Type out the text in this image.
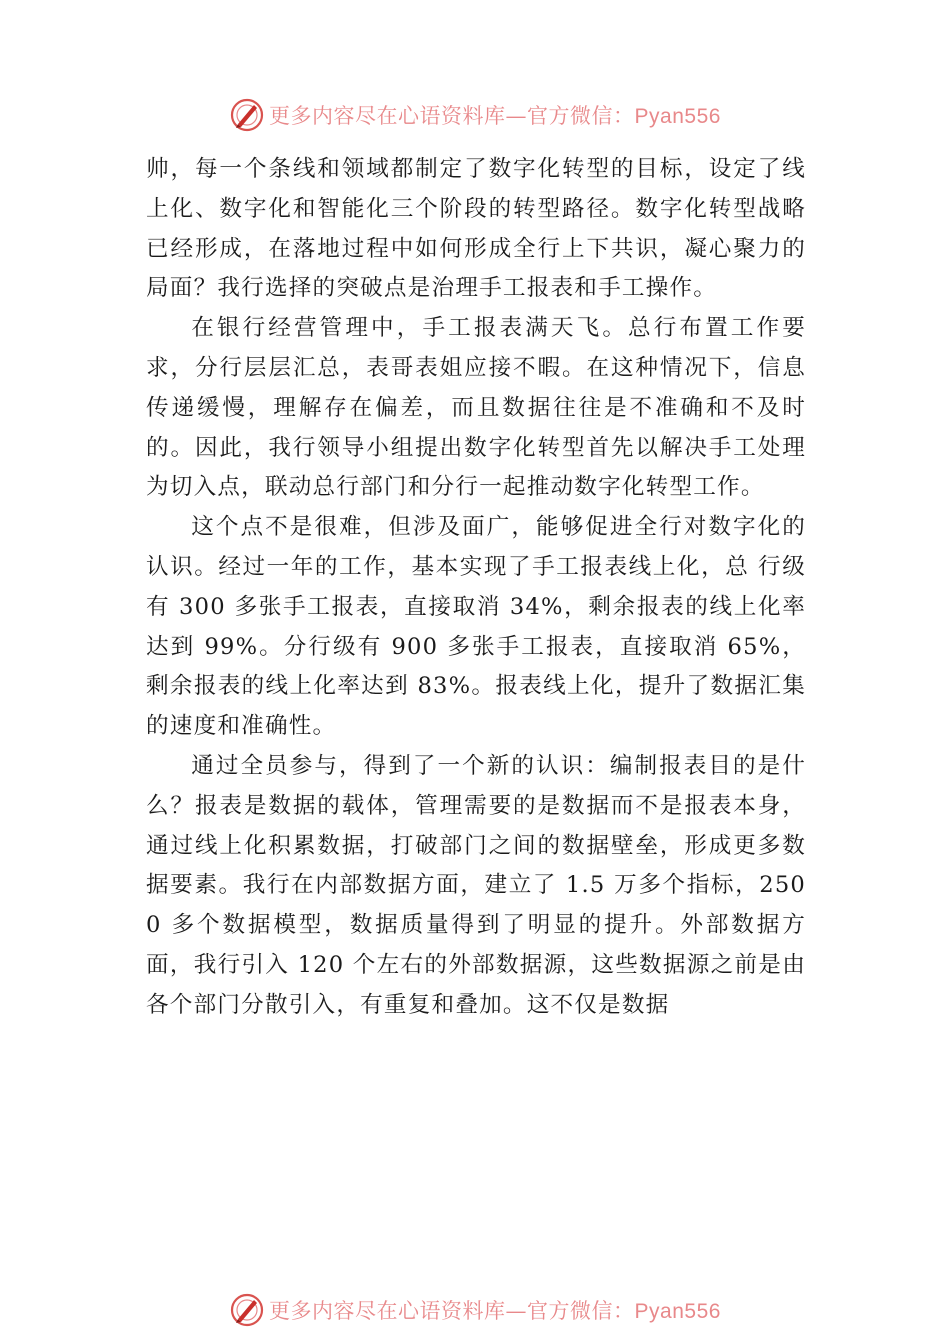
更多内容尽在心语资料库—官方微信：Pyan556

帅，每一个条线和领域都制定了数字化转型的目标，设定了线上化、数字化和智能化三个阶段的转型路径。数字化转型战略已经形成，在落地过程中如何形成全行上下共识，凝心聚力的局面？我行选择的突破点是治理手工报表和手工操作。

在银行经营管理中，手工报表满天飞。总行布置工作要求，分行层层汇总，表哥表姐应接不暇。在这种情况下，信息传递缓慢，理解存在偏差，而且数据往往是不准确和不及时的。因此，我行领导小组提出数字化转型首先以解决手工处理为切入点，联动总行部门和分行一起推动数字化转型工作。

这个点不是很难，但涉及面广，能够促进全行对数字化的认识。经过一年的工作，基本实现了手工报表线上化，总 行级有 300 多张手工报表，直接取消 34%，剩余报表的线上化率达到 99%。分行级有 900 多张手工报表，直接取消 65%， 剩余报表的线上化率达到 83%。报表线上化，提升了数据汇集的速度和准确性。

通过全员参与，得到了一个新的认识：编制报表目的是什么？报表是数据的载体，管理需要的是数据而不是报表本身，通过线上化积累数据，打破部门之间的数据壁垒，形成更多数据要素。我行在内部数据方面，建立了 1.5 万多个指标，2500 多个数据模型，数据质量得到了明显的提升。外部数据方面，我行引入 120 个左右的外部数据源，这些数据源之前是由各个部门分散引入，有重复和叠加。这不仅是数据

更多内容尽在心语资料库—官方微信：Pyan556
